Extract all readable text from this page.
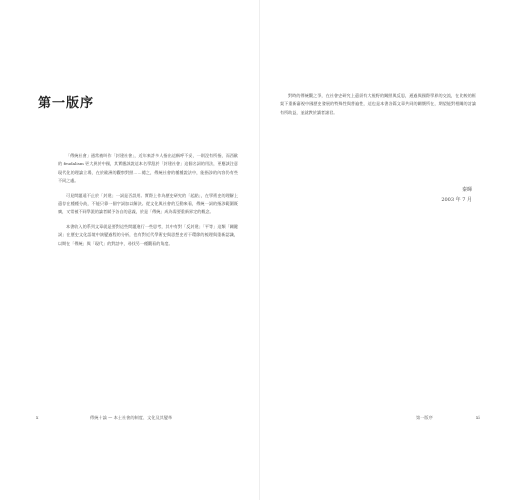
第一版序

「傳統社會」通常被叫作「封建社會」，近年來許多人指出這稱呼不妥，一則沒有所指，而西歐的 feudalism 更大異於中國，其實應該說這本名學派於「封建社會」這個名詞的用法，更應該注意現代化的理論立場，在於歐洲的觀察對照……總之，傳統社會的種種說法中，能指涉的內容仍有些不同之處。

可見問題遠不止於「封建」一詞是否誤用。實際上作為歷史研究的「起點」，在學術史的理解上還存在種種分歧，不能只靠一個字詞加以解決。從文化與社會的互動來看，傳統一詞的指涉範圍既廣，又常被不同學派的論者賦予各自的意義，於是「傳統」成為需要重新界定的概念。

本書收入的系列文章就是要對這些問題進行一些思考，其中有對「反封建」「平等」這類「關鍵詞」在歷史文化語境中演變過程的分析，也有對近代學術史與思想史若干環節的梳理與重新認識，以期在「傳統」與「現代」的對話中，尋找另一種觀看的角度。

x	傳統十論 — 本土社會的制度、文化及其變革

對時的傳統觀之爭，在社會史研究上還須有大視野的關照與反思，通過與國際學界的交流，在比較的框架下重新審視中國歷史發展的特殊性與普遍性，這也是本書各篇文章共同的關懷所在，期望能對相關的討論有所助益，並就教於讀者諸君。

秦暉
2003 年 7 月
第一版序	xi
